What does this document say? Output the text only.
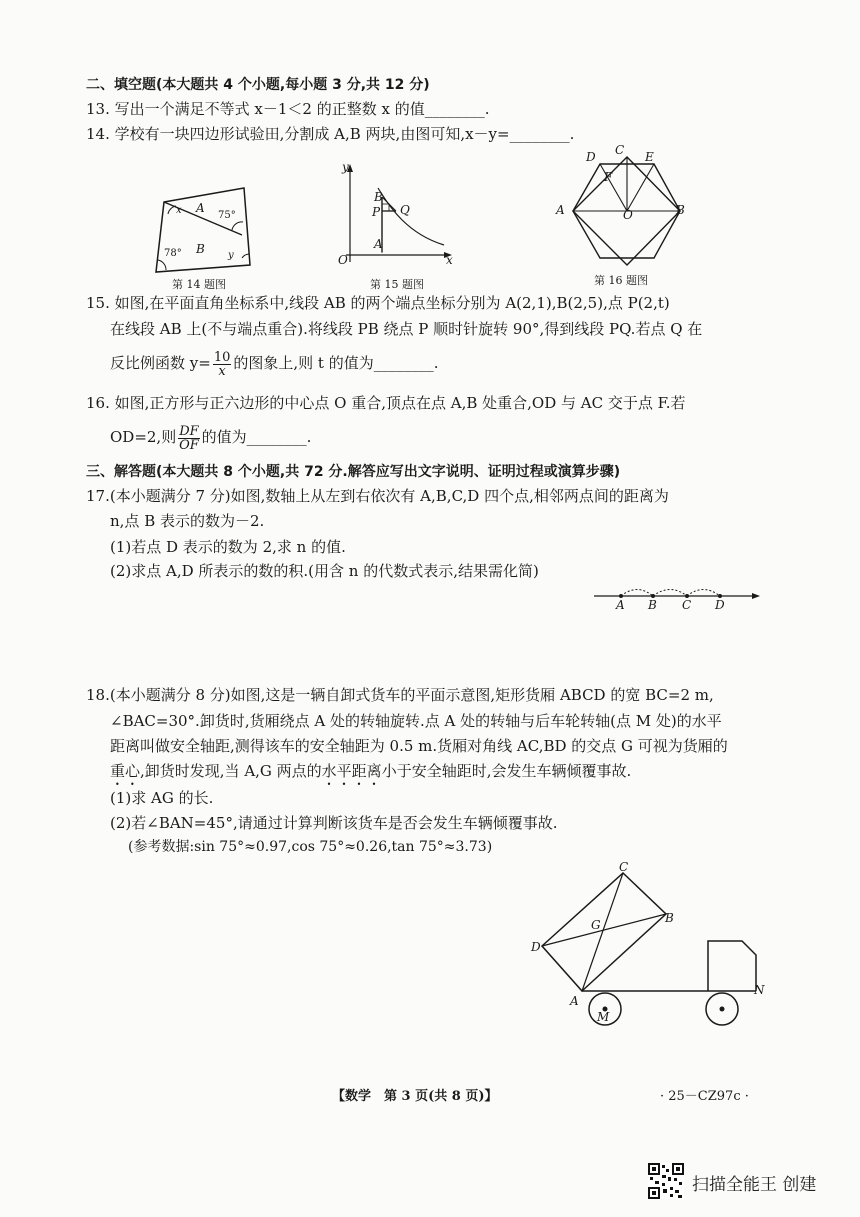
二、填空题(本大题共 4 个小题,每小题 3 分,共 12 分)
13. 写出一个满足不等式 x－1＜2 的正整数 x 的值________.
14. 学校有一块四边形试验田,分割成 A,B 两块,由图可知,x－y=________.
x A
75°
78° B y
第 14 题图
y
B
P Q
A
O	x
第 15 题图
D C E
F
A	O	B
第 16 题图
15. 如图,在平面直角坐标系中,线段 AB 的两个端点坐标分别为 A(2,1),B(2,5),点 P(2,t)
在线段 AB 上(不与端点重合).将线段 PB 绕点 P 顺时针旋转 90°,得到线段 PQ.若点 Q 在
反比例函数 $y= \frac{10}{x}$ 的图象上,则 t 的值为________.
16. 如图,正方形与正六边形的中心点 O 重合,顶点在点 A,B 处重合,OD 与 AC 交于点 F.若
OD=2,则 $\frac{DF}{OF}$ 的值为________.
三、解答题(本大题共 8 个小题,共 72 分.解答应写出文字说明、证明过程或演算步骤)
17.(本小题满分 7 分)如图,数轴上从左到右依次有 A,B,C,D 四个点,相邻两点间的距离为
n,点 B 表示的数为－2.
(1)若点 D 表示的数为 2,求 n 的值.
(2)求点 A,D 所表示的数的积.(用含 n 的代数式表示,结果需化简)
A B C D
18.(本小题满分 8 分)如图,这是一辆自卸式货车的平面示意图,矩形货厢 ABCD 的宽 BC=2 m,
∠BAC=30°.卸货时,货厢绕点 A 处的转轴旋转.点 A 处的转轴与后车轮转轴(点 M 处)的水平
距离叫做安全轴距,测得该车的安全轴距为 0.5 m.货厢对角线 AC,BD 的交点 G 可视为货厢的
重心,卸货时发现,当 A,G 两点的水平距离小于安全轴距时,会发生车辆倾覆事故.
(1)求 AG 的长.
(2)若∠BAN=45°,请通过计算判断该货车是否会发生车辆倾覆事故.
(参考数据:sin 75°≈0.97,cos 75°≈0.26,tan 75°≈3.73)
C
B
G
D
A
M
N
【数学　第 3 页(共 8 页)】	· 25－CZ97c ·
扫描全能王 创建
